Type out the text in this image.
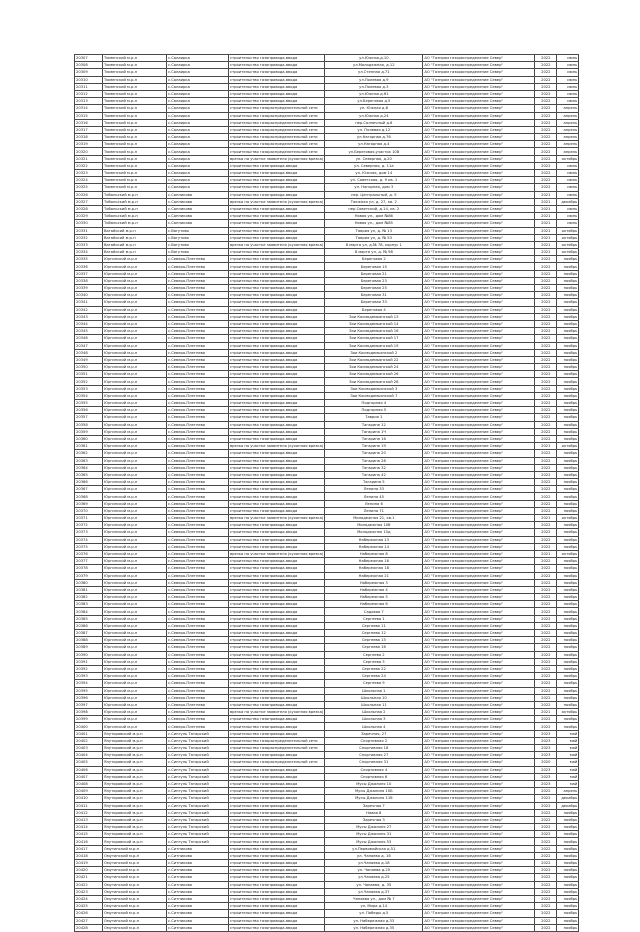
20307	Тюменский м.р-н	с.Салаирка	строительство газопровода-ввода	ул.Южная,д.10	АО "Газпром газораспределение Север"	2022	июнь
20308	Тюменский м.р-н	с.Салаирка	строительство газопровода-ввода	ул.Молодежная, д.12	АО "Газпром газораспределение Север"	2022	июнь
20309	Тюменский м.р-н	с.Салаирка	строительство газопровода-ввода	ул.Степная д.71	АО "Газпром газораспределение Север"	2022	июнь
20310	Тюменский м.р-н	с.Салаирка	строительство газопровода-ввода	ул.Полевая д.9	АО "Газпром газораспределение Север"	2022	июнь
20311	Тюменский м.р-н	с.Салаирка	строительство газопровода-ввода	ул.Полевая д.3	АО "Газпром газораспределение Север"	2022	июнь
20312	Тюменский м.р-н	с.Салаирка	строительство газопровода-ввода	ул.Южная д.61	АО "Газпром газораспределение Север"	2022	июнь
20313	Тюменский м.р-н	с.Салаирка	строительство газопровода-ввода	ул.Береговая д.5	АО "Газпром газораспределение Север"	2022	июнь
20314	Тюменский м.р-н	с.Салаирка	строительство газораспределительной сети	ул. Южная д.8	АО "Газпром газораспределение Север"	2022	апрель
20315	Тюменский м.р-н	с.Салаирка	строительство газораспределительной сети	ул.Южная д.24	АО "Газпром газораспределение Север"	2022	апрель
20316	Тюменский м.р-н	с.Салаирка	строительство газораспределительной сети	пер.Солнечный д.6	АО "Газпром газораспределение Север"	2022	апрель
20317	Тюменский м.р-н	с.Салаирка	строительство газораспределительной сети	ул. Полевая д.12	АО "Газпром газораспределение Север"	2022	апрель
20318	Тюменский м.р-н	с.Салаирка	строительство газораспределительной сети	ул.Нагорная д.76	АО "Газпром газораспределение Север"	2022	апрель
20319	Тюменский м.р-н	с.Салаирка	строительство газораспределительной сети	ул.Нагорная д.4	АО "Газпром газораспределение Север"	2022	апрель
20320	Тюменский м.р-н	с.Салаирка	строительство газораспределительной сети	ул.Береговая,участок 108	АО "Газпром газораспределение Север"	2022	апрель
20321	Тюменский м.р-н	с.Салаирка	врезка на участке заявителя (кухонная врезка)	ул. Северная, д.20	АО "Газпром газораспределение Север"	2022	октябрь
20322	Тюменский м.р-н	с.Салаирка	строительство газопровода-ввода	ул. Северная, д. 11а	АО "Газпром газораспределение Север"	2022	июнь
20323	Тюменский м.р-н	с.Салаирка	строительство газопровода-ввода	ул. Южная, дом 14	АО "Газпром газораспределение Север"	2022	июнь
20324	Тюменский м.р-н	с.Салаирка	строительство газопровода-ввода	ул. Советская, д. 9 кв. 1	АО "Газпром газораспределение Север"	2022	июнь
20325	Тюменский м.р-н	с.Салаирка	строительство газопровода-ввода	ул. Нагорная, дом 3	АО "Газпром газораспределение Север"	2022	июнь
20326	Тобольский м.р-н	с.Санниково	строительство газопровода-ввода	пер. Центральный, д. 5	АО "Газпром газораспределение Север"	2021	июнь
20327	Тобольский м.р-н	с.Санниково	врезка на участке заявителя (кухонная врезка)	Таежная ул, д. 27, кв. 2	АО "Газпром газораспределение Север"	2021	декабрь
20328	Тобольский м.р-н	с.Санниково	строительство газопровода-ввода	пер.Советский, д.14, кв. 2	АО "Газпром газораспределение Север"	2021	июнь
20329	Тобольский м.р-н	с.Санниково	строительство газопровода-ввода	Новая ул., дом №86	АО "Газпром газораспределение Север"	2021	июнь
20330	Тобольский м.р-н	с.Санниково	строительство газопровода-ввода	Новая ул., дом №85	АО "Газпром газораспределение Север"	2021	июнь
20331	Вагайский м.р-н	с.Вагутово	строительство газопровода-ввода	Таврия ул, д. № 13	АО "Газпром газораспределение Север"	2021	октябрь
20332	Вагайский м.р-н	с.Вагутово	строительство газопровода-ввода	Таврия ул, д. № 53	АО "Газпром газораспределение Север"	2021	октябрь
20333	Вагайский м.р-н	с.Вагутово	врезка на участке заявителя (кухонная врезка)	8 марта ул, д.№ 78, корпус 1	АО "Газпром газораспределение Север"	2021	октябрь
20334	Вагайский м.р-н	с.Вагутово	строительство газопровода-ввода	8 марта ул, д. № 98	АО "Газпром газораспределение Север"	2021	октябрь
20335	Юргинский м.р-н	с.Северо-Плетнево	строительство газопровода-ввода	Береговая 2	АО "Газпром газораспределение Север"	2022	ноябрь
20336	Юргинский м.р-н	с.Северо-Плетнево	строительство газопровода-ввода	Береговая 15	АО "Газпром газораспределение Север"	2022	ноябрь
20337	Юргинский м.р-н	с.Северо-Плетнево	строительство газопровода-ввода	Береговая 21	АО "Газпром газораспределение Север"	2022	ноябрь
20338	Юргинский м.р-н	с.Северо-Плетнево	строительство газопровода-ввода	Береговая 23	АО "Газпром газораспределение Север"	2022	ноябрь
20339	Юргинский м.р-н	с.Северо-Плетнево	строительство газопровода-ввода	Береговая 25	АО "Газпром газораспределение Север"	2022	ноябрь
20340	Юргинский м.р-н	с.Северо-Плетнево	строительство газопровода-ввода	Береговая 31	АО "Газпром газораспределение Север"	2022	ноябрь
20341	Юргинский м.р-н	с.Северо-Плетнево	строительство газопровода-ввода	Береговая 33	АО "Газпром газораспределение Север"	2022	ноябрь
20342	Юргинский м.р-н	с.Северо-Плетнево	строительство газопровода-ввода	Береговая 4	АО "Газпром газораспределение Север"	2022	ноябрь
20343	Юргинский м.р-н	с.Северо-Плетнево	строительство газопровода-ввода	Зои Космодемьянской 13	АО "Газпром газораспределение Север"	2022	ноябрь
20344	Юргинский м.р-н	с.Северо-Плетнево	строительство газопровода-ввода	Зои Космодемьянской 14	АО "Газпром газораспределение Север"	2022	ноябрь
20345	Юргинский м.р-н	с.Северо-Плетнево	строительство газопровода-ввода	Зои Космодемьянской 16	АО "Газпром газораспределение Север"	2022	ноябрь
20346	Юргинский м.р-н	с.Северо-Плетнево	строительство газопровода-ввода	Зои Космодемьянской 17	АО "Газпром газораспределение Север"	2022	ноябрь
20347	Юргинский м.р-н	с.Северо-Плетнево	строительство газопровода-ввода	Зои Космодемьянской 19	АО "Газпром газораспределение Север"	2022	ноябрь
20348	Юргинский м.р-н	с.Северо-Плетнево	строительство газопровода-ввода	Зои Космодемьянской 2	АО "Газпром газораспределение Север"	2022	ноябрь
20349	Юргинский м.р-н	с.Северо-Плетнево	строительство газопровода-ввода	Зои Космодемьянской 22	АО "Газпром газораспределение Север"	2022	ноябрь
20350	Юргинский м.р-н	с.Северо-Плетнево	строительство газопровода-ввода	Зои Космодемьянской 24	АО "Газпром газораспределение Север"	2022	ноябрь
20351	Юргинский м.р-н	с.Северо-Плетнево	строительство газопровода-ввода	Зои Космодемьянской 26	АО "Газпром газораспределение Север"	2022	ноябрь
20352	Юргинский м.р-н	с.Северо-Плетнево	строительство газопровода-ввода	Зои Космодемьянской 28	АО "Газпром газораспределение Север"	2022	ноябрь
20353	Юргинский м.р-н	с.Северо-Плетнево	строительство газопровода-ввода	Зои Космодемьянской 3	АО "Газпром газораспределение Север"	2022	ноябрь
20354	Юргинский м.р-н	с.Северо-Плетнево	строительство газопровода-ввода	Зои Космодемьянской 7	АО "Газпром газораспределение Север"	2022	ноябрь
20355	Юргинский м.р-н	с.Северо-Плетнево	строительство газопровода-ввода	Подгорная 4	АО "Газпром газораспределение Север"	2022	ноябрь
20356	Юргинский м.р-н	с.Северо-Плетнево	строительство газопровода-ввода	Подгорная 5	АО "Газпром газораспределение Север"	2022	ноябрь
20357	Юргинский м.р-н	с.Северо-Плетнево	строительство газопровода-ввода	Таврия 1	АО "Газпром газораспределение Север"	2022	ноябрь
20358	Юргинский м.р-н	с.Северо-Плетнево	строительство газопровода-ввода	Тагарина 12	АО "Газпром газораспределение Север"	2022	ноябрь
20359	Юргинский м.р-н	с.Северо-Плетнево	строительство газопровода-ввода	Тагарина 1Ч	АО "Газпром газораспределение Север"	2022	ноябрь
20360	Юргинский м.р-н	с.Северо-Плетнево	строительство газопровода-ввода	Тагарина 16	АО "Газпром газораспределение Север"	2022	ноябрь
20361	Юргинский м.р-н	с.Северо-Плетнево	врезка на участке заявителя (кухонная врезка)	Тагарина 19	АО "Газпром газораспределение Север"	2021	октябрь
20362	Юргинский м.р-н	с.Северо-Плетнево	строительство газопровода-ввода	Тагарина 20	АО "Газпром газораспределение Север"	2022	ноябрь
20363	Юргинский м.р-н	с.Северо-Плетнево	строительство газопровода-ввода	Тагарина 28	АО "Газпром газораспределение Север"	2022	ноябрь
20364	Юргинский м.р-н	с.Северо-Плетнево	строительство газопровода-ввода	Тагарина 32	АО "Газпром газораспределение Север"	2022	ноябрь
20365	Юргинский м.р-н	с.Северо-Плетнево	строительство газопровода-ввода	Тагарина 42	АО "Газпром газораспределение Север"	2022	ноябрь
20366	Юргинский м.р-н	с.Северо-Плетнево	строительство газопровода-ввода	Тагарина 5	АО "Газпром газораспределение Север"	2022	ноябрь
20367	Юргинский м.р-н	с.Северо-Плетнево	строительство газопровода-ввода	Ленина 33	АО "Газпром газораспределение Север"	2022	ноябрь
20368	Юргинский м.р-н	с.Северо-Плетнево	строительство газопровода-ввода	Ленина 45	АО "Газпром газораспределение Север"	2022	ноябрь
20369	Юргинский м.р-н	с.Северо-Плетнево	строительство газопровода-ввода	Ленина 6	АО "Газпром газораспределение Север"	2022	ноябрь
20370	Юргинский м.р-н	с.Северо-Плетнево	строительство газопровода-ввода	Ленина 71	АО "Газпром газораспределение Север"	2022	ноябрь
20371	Юргинский м.р-н	с.Северо-Плетнево	врезка на участке заявителя (кухонная врезка)	Молодежная 21, кв.1	АО "Газпром газораспределение Север"	2021	октябрь
20372	Юргинский м.р-н	с.Северо-Плетнево	строительство газопровода-ввода	Молодежная 10б	АО "Газпром газораспределение Север"	2022	ноябрь
20373	Юргинский м.р-н	с.Северо-Плетнево	строительство газопровода-ввода	Молодежная 10д	АО "Газпром газораспределение Север"	2022	ноябрь
20374	Юргинский м.р-н	с.Северо-Плетнево	строительство газопровода-ввода	Набережная 13	АО "Газпром газораспределение Север"	2022	ноябрь
20375	Юргинский м.р-н	с.Северо-Плетнево	строительство газопровода-ввода	Набережная 14	АО "Газпром газораспределение Север"	2022	ноябрь
20376	Юргинский м.р-н	с.Северо-Плетнево	врезка на участке заявителя (кухонная врезка)	Набережная 8	АО "Газпром газораспределение Север"	2021	октябрь
20377	Юргинский м.р-н	с.Северо-Плетнево	строительство газопровода-ввода	Набережная 16	АО "Газпром газораспределение Север"	2022	ноябрь
20378	Юргинский м.р-н	с.Северо-Плетнево	строительство газопровода-ввода	Набережная 18	АО "Газпром газораспределение Север"	2022	ноябрь
20379	Юргинский м.р-н	с.Северо-Плетнево	строительство газопровода-ввода	Набережная 21	АО "Газпром газораспределение Север"	2022	ноябрь
20380	Юргинский м.р-н	с.Северо-Плетнево	строительство газопровода-ввода	Набережная 3	АО "Газпром газораспределение Север"	2022	ноябрь
20381	Юргинский м.р-н	с.Северо-Плетнево	строительство газопровода-ввода	Набережная 4	АО "Газпром газораспределение Север"	2022	ноябрь
20382	Юргинский м.р-н	с.Северо-Плетнево	строительство газопровода-ввода	Набережная 5	АО "Газпром газораспределение Север"	2022	ноябрь
20383	Юргинский м.р-н	с.Северо-Плетнево	строительство газопровода-ввода	Набережная 6	АО "Газпром газораспределение Север"	2022	ноябрь
20384	Юргинский м.р-н	с.Северо-Плетнево	строительство газопровода-ввода	Садовая 7	АО "Газпром газораспределение Север"	2022	ноябрь
20385	Юргинский м.р-н	с.Северо-Плетнево	строительство газопровода-ввода	Сергеева 1	АО "Газпром газораспределение Север"	2022	ноябрь
20386	Юргинский м.р-н	с.Северо-Плетнево	строительство газопровода-ввода	Сергеева 11	АО "Газпром газораспределение Север"	2022	ноябрь
20387	Юргинский м.р-н	с.Северо-Плетнево	строительство газопровода-ввода	Сергеева 12	АО "Газпром газораспределение Север"	2022	ноябрь
20388	Юргинский м.р-н	с.Северо-Плетнево	строительство газопровода-ввода	Сергеева 15	АО "Газпром газораспределение Север"	2022	ноябрь
20389	Юргинский м.р-н	с.Северо-Плетнево	строительство газопровода-ввода	Сергеева 16	АО "Газпром газораспределение Север"	2022	ноябрь
20390	Юргинский м.р-н	с.Северо-Плетнево	строительство газопровода-ввода	Сергеева 2	АО "Газпром газораспределение Север"	2022	ноябрь
20391	Юргинский м.р-н	с.Северо-Плетнево	строительство газопровода-ввода	Сергеева 3	АО "Газпром газораспределение Север"	2022	ноябрь
20392	Юргинский м.р-н	с.Северо-Плетнево	строительство газопровода-ввода	Сергеева 22	АО "Газпром газораспределение Север"	2022	ноябрь
20393	Юргинский м.р-н	с.Северо-Плетнево	строительство газопровода-ввода	Сергеева 24	АО "Газпром газораспределение Север"	2022	ноябрь
20394	Юргинский м.р-н	с.Северо-Плетнево	строительство газопровода-ввода	Сергеева 9	АО "Газпром газораспределение Север"	2022	ноябрь
20395	Юргинский м.р-н	с.Северо-Плетнево	строительство газопровода-ввода	Школьная 1	АО "Газпром газораспределение Север"	2022	ноябрь
20396	Юргинский м.р-н	с.Северо-Плетнево	строительство газопровода-ввода	Школьная 10	АО "Газпром газораспределение Север"	2022	ноябрь
20397	Юргинский м.р-н	с.Северо-Плетнево	строительство газопровода-ввода	Школьная 11	АО "Газпром газораспределение Север"	2022	ноябрь
20398	Юргинский м.р-н	с.Северо-Плетнево	врезка на участке заявителя (кухонная врезка)	Школьная 2	АО "Газпром газораспределение Север"	2021	октябрь
20399	Юргинский м.р-н	с.Северо-Плетнево	строительство газопровода-ввода	Школьная 3	АО "Газпром газораспределение Север"	2022	ноябрь
20400	Юргинский м.р-н	с.Северо-Плетнево	строительство газопровода-ввода	Школьная 4	АО "Газпром газораспределение Север"	2022	ноябрь
20401	Ялуторовский м.р-н	с.Сингуль Татарский	строительство газопровода-ввода	Заречная, 27	АО "Газпром газораспределение Север"	2023	май
20402	Ялуторовский м.р-н	с.Сингуль Татарский	строительство газораспределительной сети	Спортивная 2	АО "Газпром газораспределение Север"	2023	май
20403	Ялуторовский м.р-н	с.Сингуль Татарский	строительство газораспределительной сети	Спортивная 18	АО "Газпром газораспределение Север"	2023	май
20404	Ялуторовский м.р-н	с.Сингуль Татарский	строительство газопровода-ввода	Спортивная 27	АО "Газпром газораспределение Север"	2023	май
20405	Ялуторовский м.р-н	с.Сингуль Татарский	строительство газораспределительной сети	Спортивная 31	АО "Газпром газораспределение Север"	2020	май
20406	Ялуторовский м.р-н	с.Сингуль Татарский	строительство газопровода-ввода	Спортивная 4	АО "Газпром газораспределение Север"	2023	май
20407	Ялуторовский м.р-н	с.Сингуль Татарский	строительство газопровода-ввода	Спортивная 6	АО "Газпром газораспределение Север"	2023	май
20408	Ялуторовский м.р-н	с.Сингуль Татарский	строительство газопровода-ввода	Мусы Джалиля 10	АО "Газпром газораспределение Север"	2023	май
20409	Ялуторовский м.р-н	с.Сингуль Татарский	строительство газопровода-ввода	Мусы Джалиля 10Б	АО "Газпром газораспределение Север"	2022	апрель
20410	Ялуторовский м.р-н	с.Сингуль Татарский	строительство газопровода-ввода	Мусы Джалиля 11б	АО "Газпром газораспределение Север"	2022	декабрь
20411	Ялуторовский м.р-н	с.Сингуль Татарский	строительство газопровода-ввода	Заречная 7	АО "Газпром газораспределение Север"	2022	декабрь
20412	Ялуторовский м.р-н	с.Сингуль Татарский	строительство газопровода-ввода	Новая 8	АО "Газпром газораспределение Север"	2022	ноябрь
20413	Ялуторовский м.р-н	с.Сингуль Татарский	строительство газопровода-ввода	Заречная 3	АО "Газпром газораспределение Север"	2022	ноябрь
20414	Ялуторовский м.р-н	с.Сингуль Татарский	строительство газопровода-ввода	Мусы Джалиля 27	АО "Газпром газораспределение Север"	2022	ноябрь
20415	Ялуторовский м.р-н	с.Сингуль Татарский	строительство газопровода-ввода	Мусы Джалиля 31	АО "Газпром газораспределение Север"	2022	ноябрь
20416	Ялуторовский м.р-н	с.Сингуль Татарский	строительство газопровода-ввода	Мусы Джалиля 53	АО "Газпром газораспределение Север"	2022	ноябрь
20417	Омутинский м.р-н	с.Ситниково	строительство газопровода-ввода	ул.Первомайская д.51	АО "Газпром газораспределение Север"	2022	ноябрь
20418	Омутинский м.р-н	с.Ситниково	строительство газопровода-ввода	ул. Чапаева д. 16	АО "Газпром газораспределение Север"	2022	ноябрь
20419	Омутинский м.р-н	с.Ситниково	строительство газопровода-ввода	ул.Чапаева д.18	АО "Газпром газораспределение Север"	2022	ноябрь
20420	Омутинский м.р-н	с.Ситниково	строительство газопровода-ввода	ул. Чапаева д.20	АО "Газпром газораспределение Север"	2022	ноябрь
20421	Омутинский м.р-н	с.Ситниково	строительство газопровода-ввода	ул.Чапаева д.25	АО "Газпром газораспределение Север"	2022	ноябрь
20422	Омутинский м.р-н	с.Ситниково	строительство газопровода-ввода	ул. Чапаева, д. 35	АО "Газпром газораспределение Север"	2022	ноябрь
20423	Омутинский м.р-н	с.Ситниково	строительство газопровода-ввода	ул.Чапаева д.37	АО "Газпром газораспределение Север"	2022	ноябрь
20424	Омутинский м.р-н	с.Ситниково	строительство газопровода-ввода	Чапаева ул., дом № 7	АО "Газпром газораспределение Север"	2022	ноябрь
20425	Омутинский м.р-н	с.Ситниково	строительство газопровода-ввода	ул. Мира д.14	АО "Газпром газораспределение Север"	2022	ноябрь
20426	Омутинский м.р-н	с.Ситниково	строительство газопровода-ввода	ул. Победы д.5	АО "Газпром газораспределение Север"	2022	ноябрь
20427	Омутинский м.р-н	с.Ситниково	строительство газопровода-ввода	ул. Набережная д.33	АО "Газпром газораспределение Север"	2022	ноябрь
20428	Омутинский м.р-н	с.Ситниково	строительство газопровода-ввода	ул. Набережная д.35	АО "Газпром газораспределение Север"	2022	ноябрь
